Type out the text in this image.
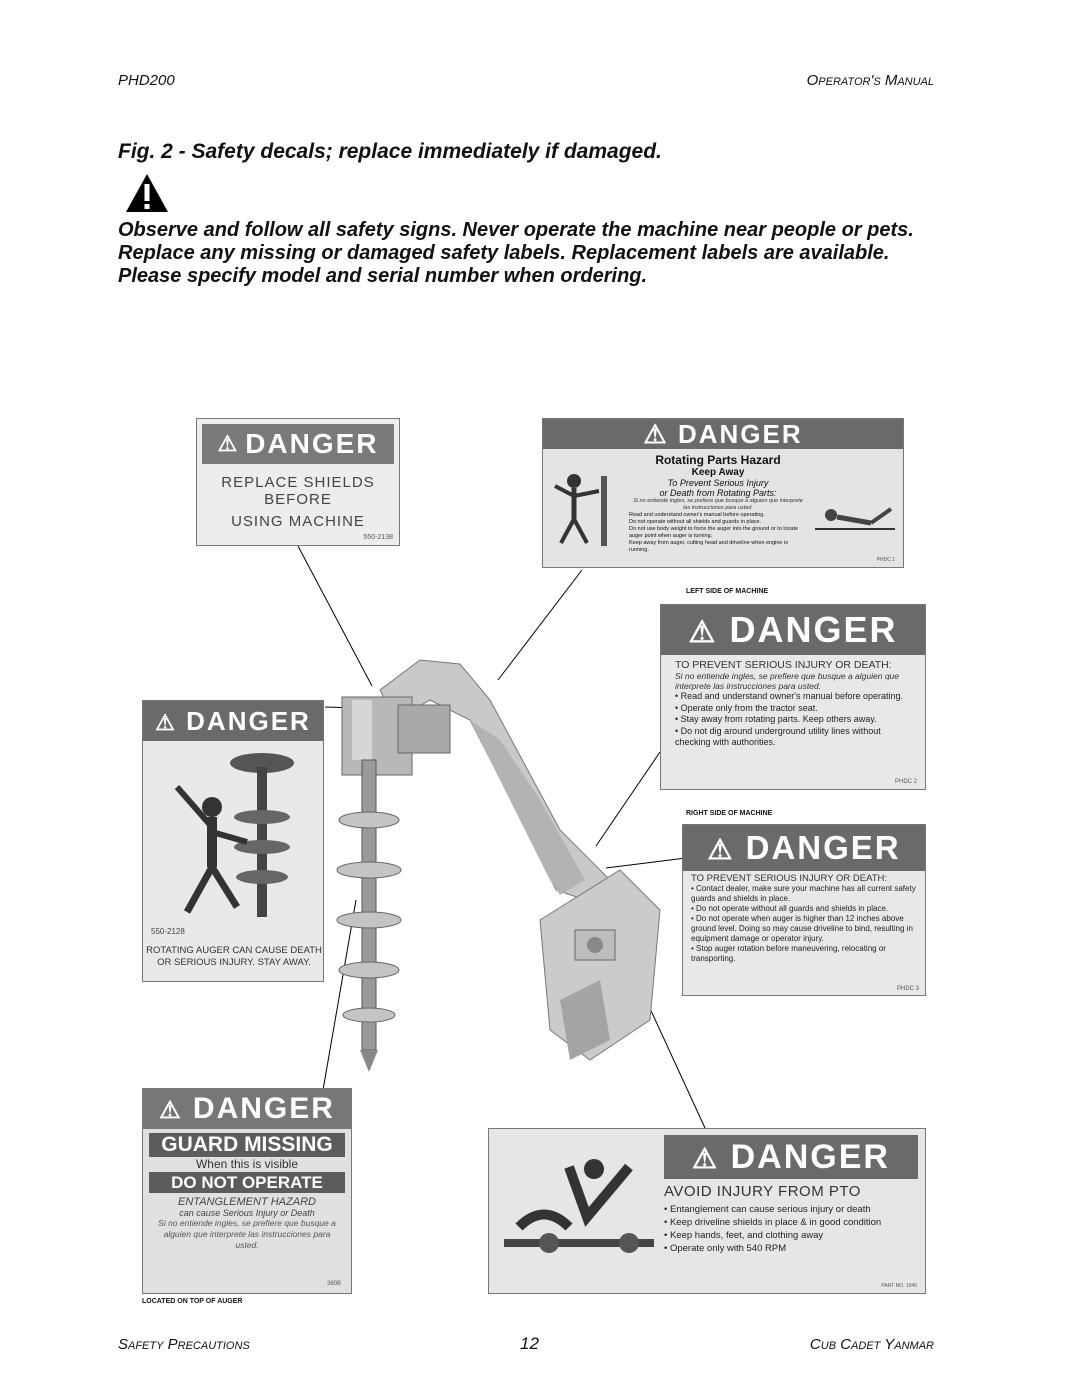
PHD200	Operator's Manual
Fig. 2 - Safety decals; replace immediately if damaged.
Observe and follow all safety signs. Never operate the machine near people or pets. Replace any missing or damaged safety labels. Replacement labels are available. Please specify model and serial number when ordering.
⚠ DANGER
REPLACE SHIELDS BEFORE
USING MACHINE
550-2138
⚠ DANGER
Rotating Parts Hazard
Keep Away
To Prevent Serious Injury
or Death from Rotating Parts:
Si no entiende ingles, se prefiere que busque a alguien que interprete las instrucciones para usted.
Read and understand owner's manual before operating.
Do not operate without all shields and guards in place.
Do not use body weight to force the auger into the ground or to locate auger point when auger is turning.
Keep away from auger, cutting head and driveline when engine is running.
PHDC 1
LEFT SIDE OF MACHINE
⚠ DANGER
TO PREVENT SERIOUS INJURY OR DEATH:
Si no entiende ingles, se prefiere que busque a alguien que interprete las instrucciones para usted.
• Read and understand owner's manual before operating.
• Operate only from the tractor seat.
• Stay away from rotating parts. Keep others away.
• Do not dig around underground utility lines without checking with authorities.
PHDC 2
⚠ DANGER
550-2128
ROTATING AUGER CAN CAUSE DEATH
OR SERIOUS INJURY. STAY AWAY.
RIGHT SIDE OF MACHINE
⚠ DANGER
TO PREVENT SERIOUS INJURY OR DEATH:
• Contact dealer, make sure your machine has all current safety guards and shields in place.
• Do not operate without all guards and shields in place.
• Do not operate when auger is higher than 12 inches above ground level. Doing so may cause driveline to bind, resulting in equipment damage or operator injury.
• Stop auger rotation before maneuvering, relocating or transporting.
PHDC 3
⚠ DANGER
GUARD MISSING
When this is visible
DO NOT OPERATE
ENTANGLEMENT HAZARD
can cause Serious Injury or Death
Si no entiende ingles, se prefiere que busque a alguien que interprete las instrucciones para usted.
380B
LOCATED ON TOP OF AUGER
⚠ DANGER
AVOID INJURY FROM PTO
• Entanglement can cause serious injury or death
• Keep driveline shields in place & in good condition
• Keep hands, feet, and clothing away
• Operate only with 540 RPM
PART NO. 1046
Safety Precautions	12	Cub Cadet Yanmar
